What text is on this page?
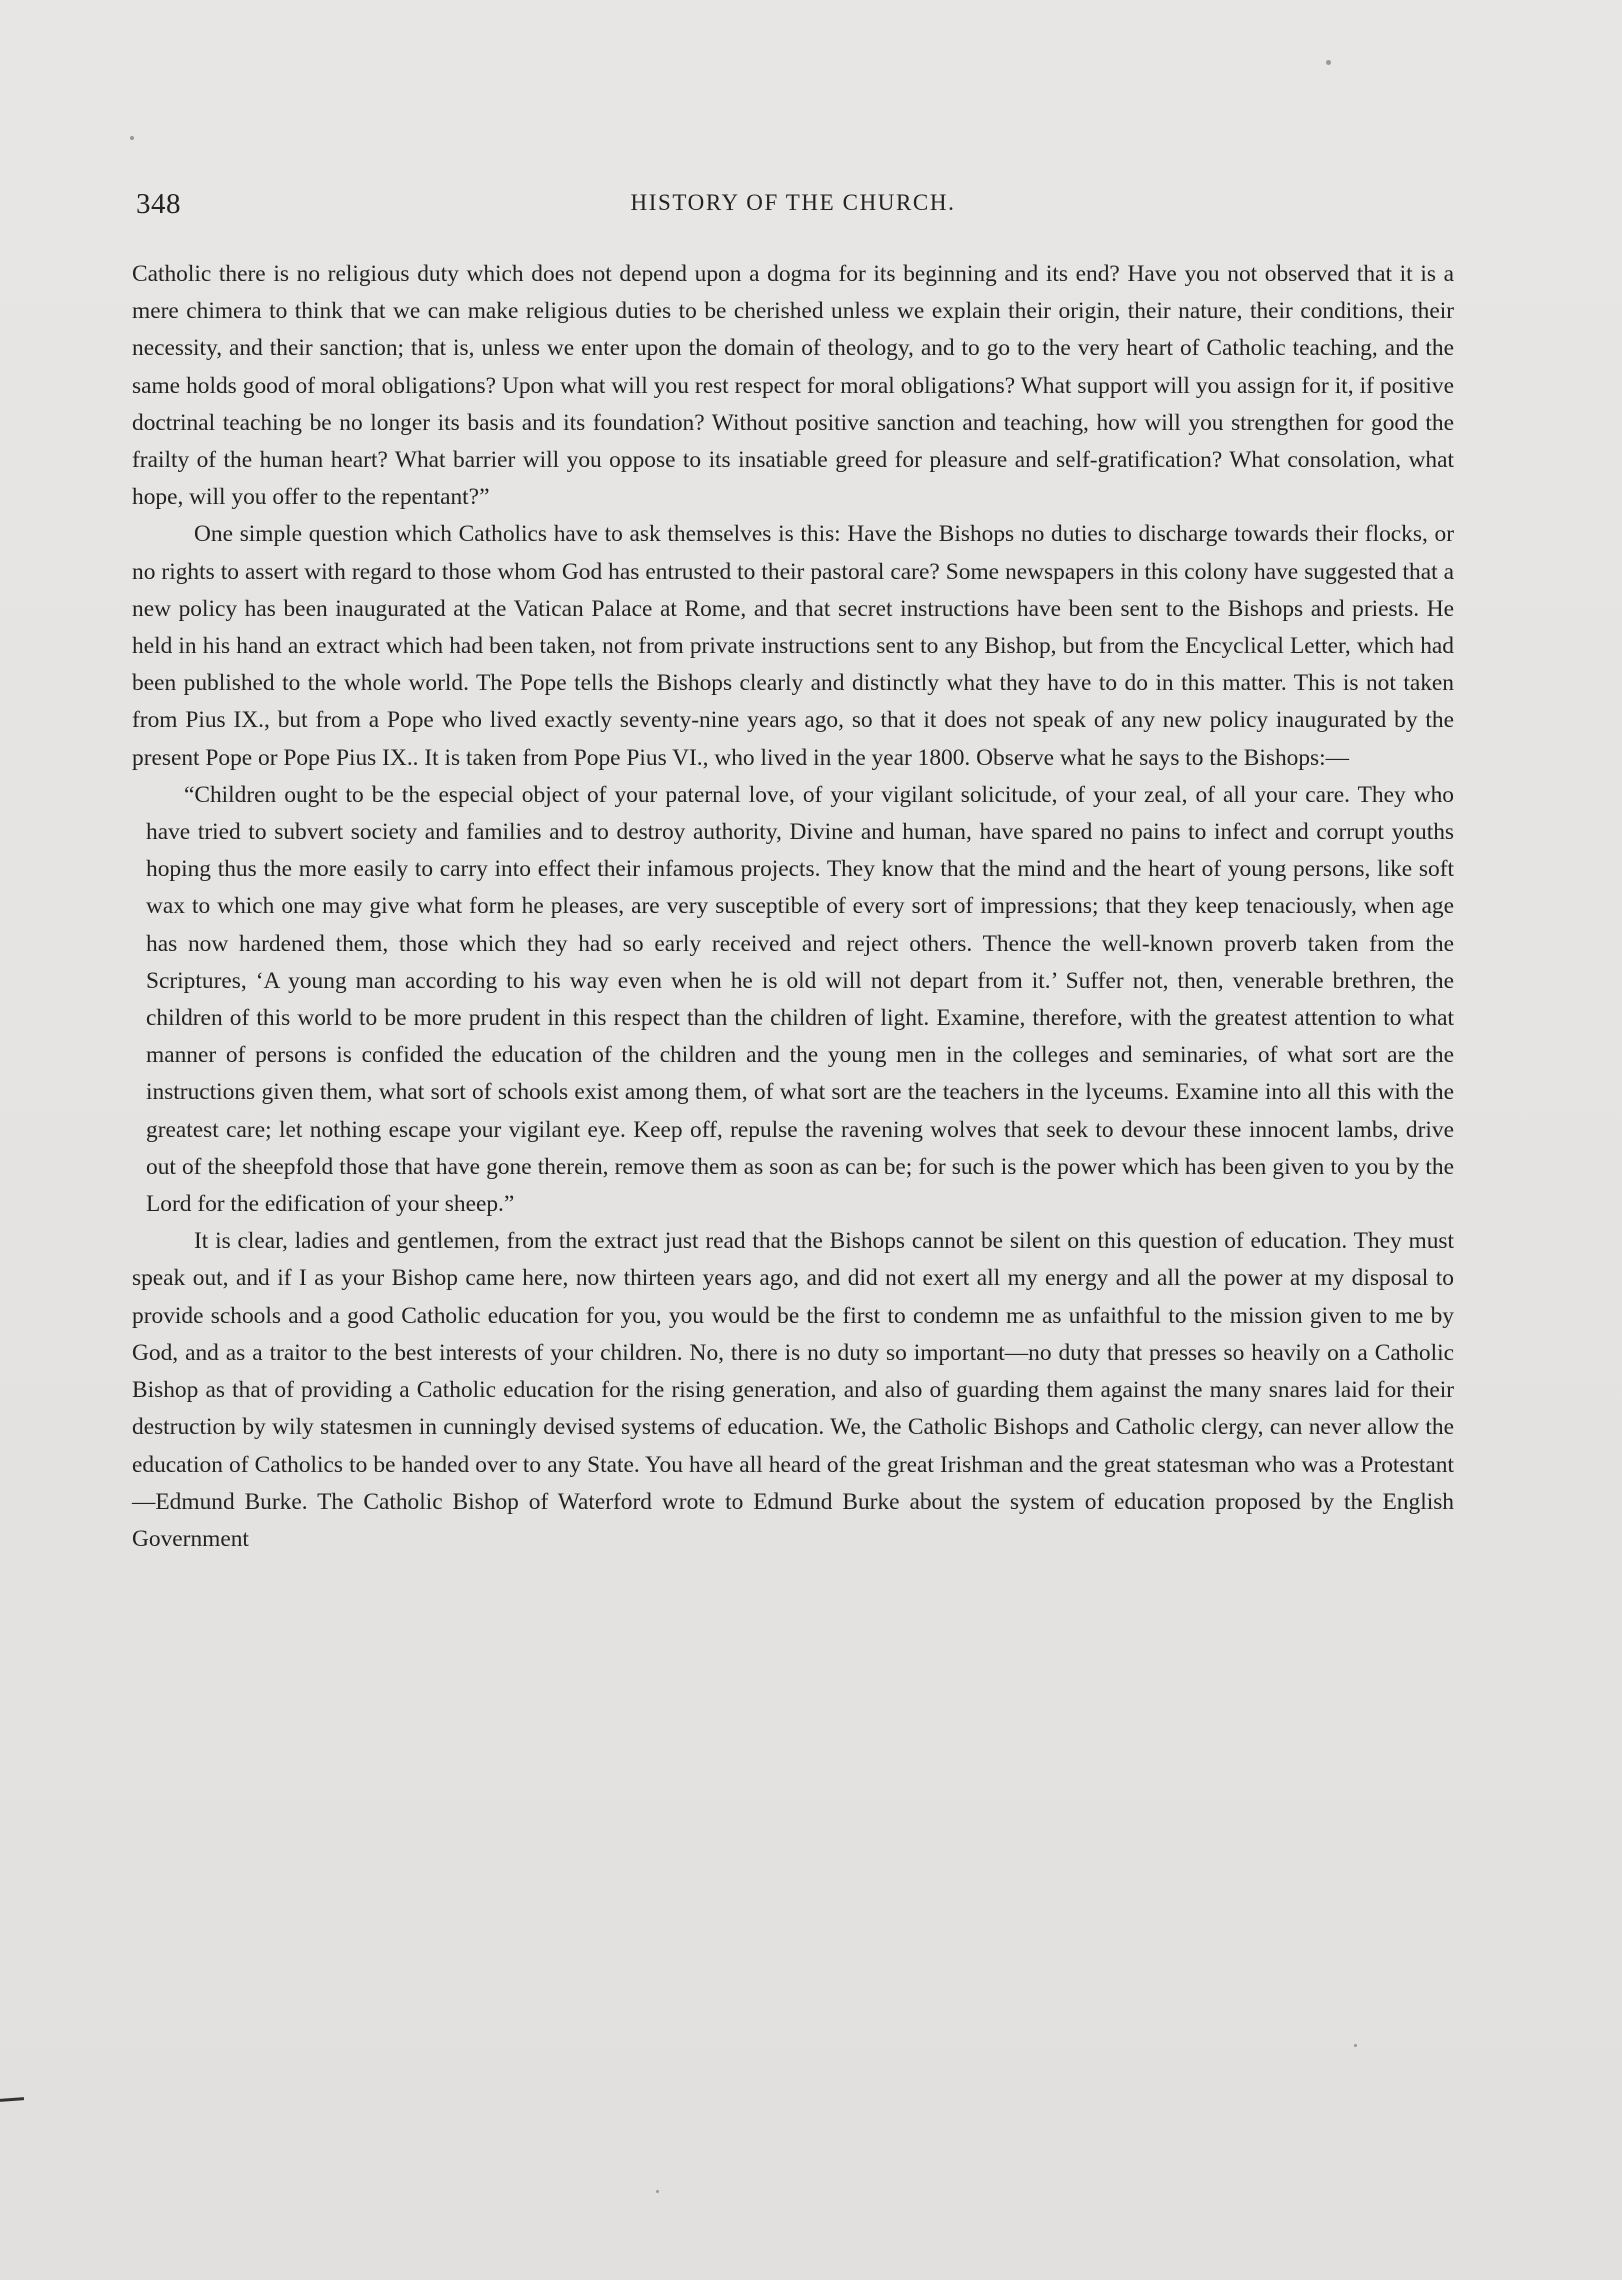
348	HISTORY OF THE CHURCH.

Catholic there is no religious duty which does not depend upon a dogma for its beginning and its end? Have you not observed that it is a mere chimera to think that we can make religious duties to be cherished unless we explain their origin, their nature, their conditions, their necessity, and their sanction; that is, unless we enter upon the domain of theology, and to go to the very heart of Catholic teaching, and the same holds good of moral obligations? Upon what will you rest respect for moral obligations? What support will you assign for it, if positive doctrinal teaching be no longer its basis and its foundation? Without positive sanction and teaching, how will you strengthen for good the frailty of the human heart? What barrier will you oppose to its insatiable greed for pleasure and self-gratification? What consolation, what hope, will you offer to the repentant?”

One simple question which Catholics have to ask themselves is this: Have the Bishops no duties to discharge towards their flocks, or no rights to assert with regard to those whom God has entrusted to their pastoral care? Some newspapers in this colony have suggested that a new policy has been inaugurated at the Vatican Palace at Rome, and that secret instructions have been sent to the Bishops and priests. He held in his hand an extract which had been taken, not from private instructions sent to any Bishop, but from the Encyclical Letter, which had been published to the whole world. The Pope tells the Bishops clearly and distinctly what they have to do in this matter. This is not taken from Pius IX., but from a Pope who lived exactly seventy-nine years ago, so that it does not speak of any new policy inaugurated by the present Pope or Pope Pius IX.. It is taken from Pope Pius VI., who lived in the year 1800. Observe what he says to the Bishops:—

“Children ought to be the especial object of your paternal love, of your vigilant solicitude, of your zeal, of all your care. They who have tried to subvert society and families and to destroy authority, Divine and human, have spared no pains to infect and corrupt youths hoping thus the more easily to carry into effect their infamous projects. They know that the mind and the heart of young persons, like soft wax to which one may give what form he pleases, are very susceptible of every sort of impressions; that they keep tenaciously, when age has now hardened them, those which they had so early received and reject others. Thence the well-known proverb taken from the Scriptures, ‘A young man according to his way even when he is old will not depart from it.’ Suffer not, then, venerable brethren, the children of this world to be more prudent in this respect than the children of light. Examine, therefore, with the greatest attention to what manner of persons is confided the education of the children and the young men in the colleges and seminaries, of what sort are the instructions given them, what sort of schools exist among them, of what sort are the teachers in the lyceums. Examine into all this with the greatest care; let nothing escape your vigilant eye. Keep off, repulse the ravening wolves that seek to devour these innocent lambs, drive out of the sheepfold those that have gone therein, remove them as soon as can be; for such is the power which has been given to you by the Lord for the edification of your sheep.”

It is clear, ladies and gentlemen, from the extract just read that the Bishops cannot be silent on this question of education. They must speak out, and if I as your Bishop came here, now thirteen years ago, and did not exert all my energy and all the power at my disposal to provide schools and a good Catholic education for you, you would be the first to condemn me as unfaithful to the mission given to me by God, and as a traitor to the best interests of your children. No, there is no duty so important—no duty that presses so heavily on a Catholic Bishop as that of providing a Catholic education for the rising generation, and also of guarding them against the many snares laid for their destruction by wily statesmen in cunningly devised systems of education. We, the Catholic Bishops and Catholic clergy, can never allow the education of Catholics to be handed over to any State. You have all heard of the great Irishman and the great statesman who was a Protestant—Edmund Burke. The Catholic Bishop of Waterford wrote to Edmund Burke about the system of education proposed by the English Government
